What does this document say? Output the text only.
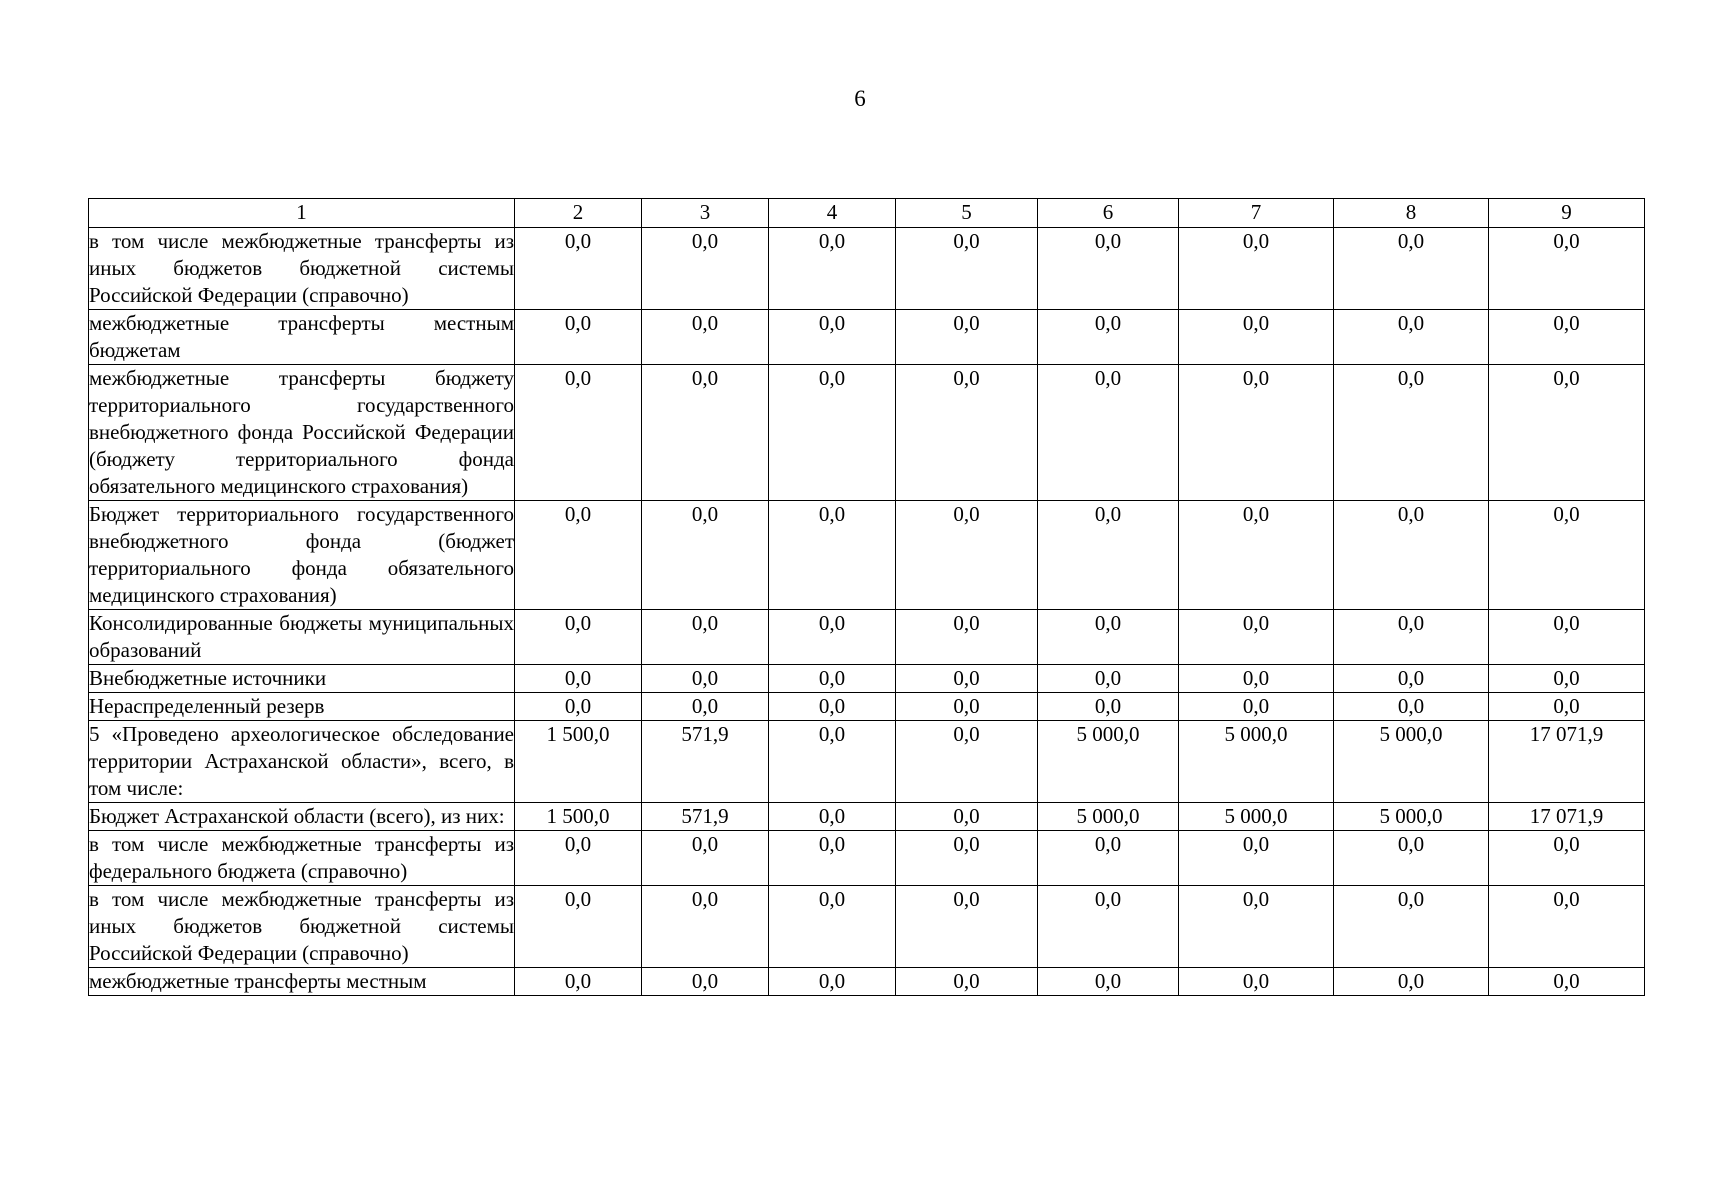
6
1	2	3	4	5	6	7	8	9
в том числе межбюджетные трансферты из иных бюджетов бюджетной системы Российской Федерации (справочно)	0,0	0,0	0,0	0,0	0,0	0,0	0,0	0,0
межбюджетные трансферты местным бюджетам	0,0	0,0	0,0	0,0	0,0	0,0	0,0	0,0
межбюджетные трансферты бюджету территориального государственного внебюджетного фонда Российской Федерации (бюджету территориального фонда обязательного медицинского страхования)	0,0	0,0	0,0	0,0	0,0	0,0	0,0	0,0
Бюджет территориального государственного внебюджетного фонда (бюджет территориального фонда обязательного медицинского страхования)	0,0	0,0	0,0	0,0	0,0	0,0	0,0	0,0
Консолидированные бюджеты муниципальных образований	0,0	0,0	0,0	0,0	0,0	0,0	0,0	0,0
Внебюджетные источники	0,0	0,0	0,0	0,0	0,0	0,0	0,0	0,0
Нераспределенный резерв	0,0	0,0	0,0	0,0	0,0	0,0	0,0	0,0
5 «Проведено археологическое обследование территории Астраханской области», всего, в том числе:	1 500,0	571,9	0,0	0,0	5 000,0	5 000,0	5 000,0	17 071,9
Бюджет Астраханской области (всего), из них:	1 500,0	571,9	0,0	0,0	5 000,0	5 000,0	5 000,0	17 071,9
в том числе межбюджетные трансферты из федерального бюджета (справочно)	0,0	0,0	0,0	0,0	0,0	0,0	0,0	0,0
в том числе межбюджетные трансферты из иных бюджетов бюджетной системы Российской Федерации (справочно)	0,0	0,0	0,0	0,0	0,0	0,0	0,0	0,0
межбюджетные трансферты местным	0,0	0,0	0,0	0,0	0,0	0,0	0,0	0,0
